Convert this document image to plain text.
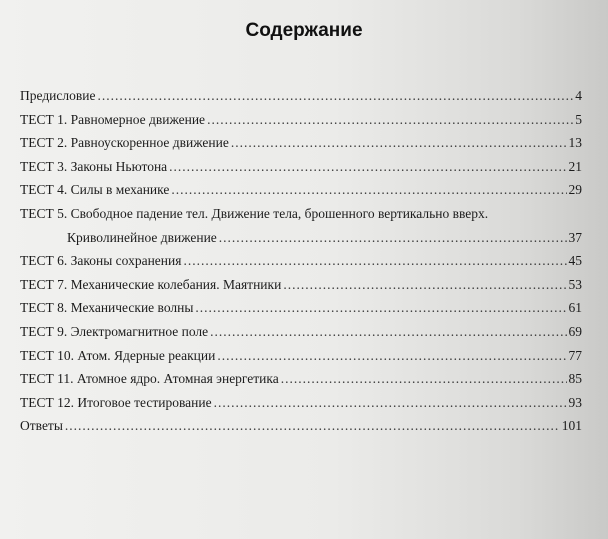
Содержание
Предисловие .....	4
ТЕСТ 1. Равномерное движение .....	5
ТЕСТ 2. Равноускоренное движение .....	13
ТЕСТ 3. Законы Ньютона .....	21
ТЕСТ 4. Силы в механике .....	29
ТЕСТ 5. Свободное падение тел. Движение тела, брошенного вертикально вверх.
Криволинейное движение .....	37
ТЕСТ 6. Законы сохранения .....	45
ТЕСТ 7. Механические колебания. Маятники .....	53
ТЕСТ 8. Механические волны .....	61
ТЕСТ 9. Электромагнитное поле .....	69
ТЕСТ 10. Атом. Ядерные реакции .....	77
ТЕСТ 11. Атомное ядро. Атомная энергетика .....	85
ТЕСТ 12. Итоговое тестирование .....	93
Ответы .....	101
